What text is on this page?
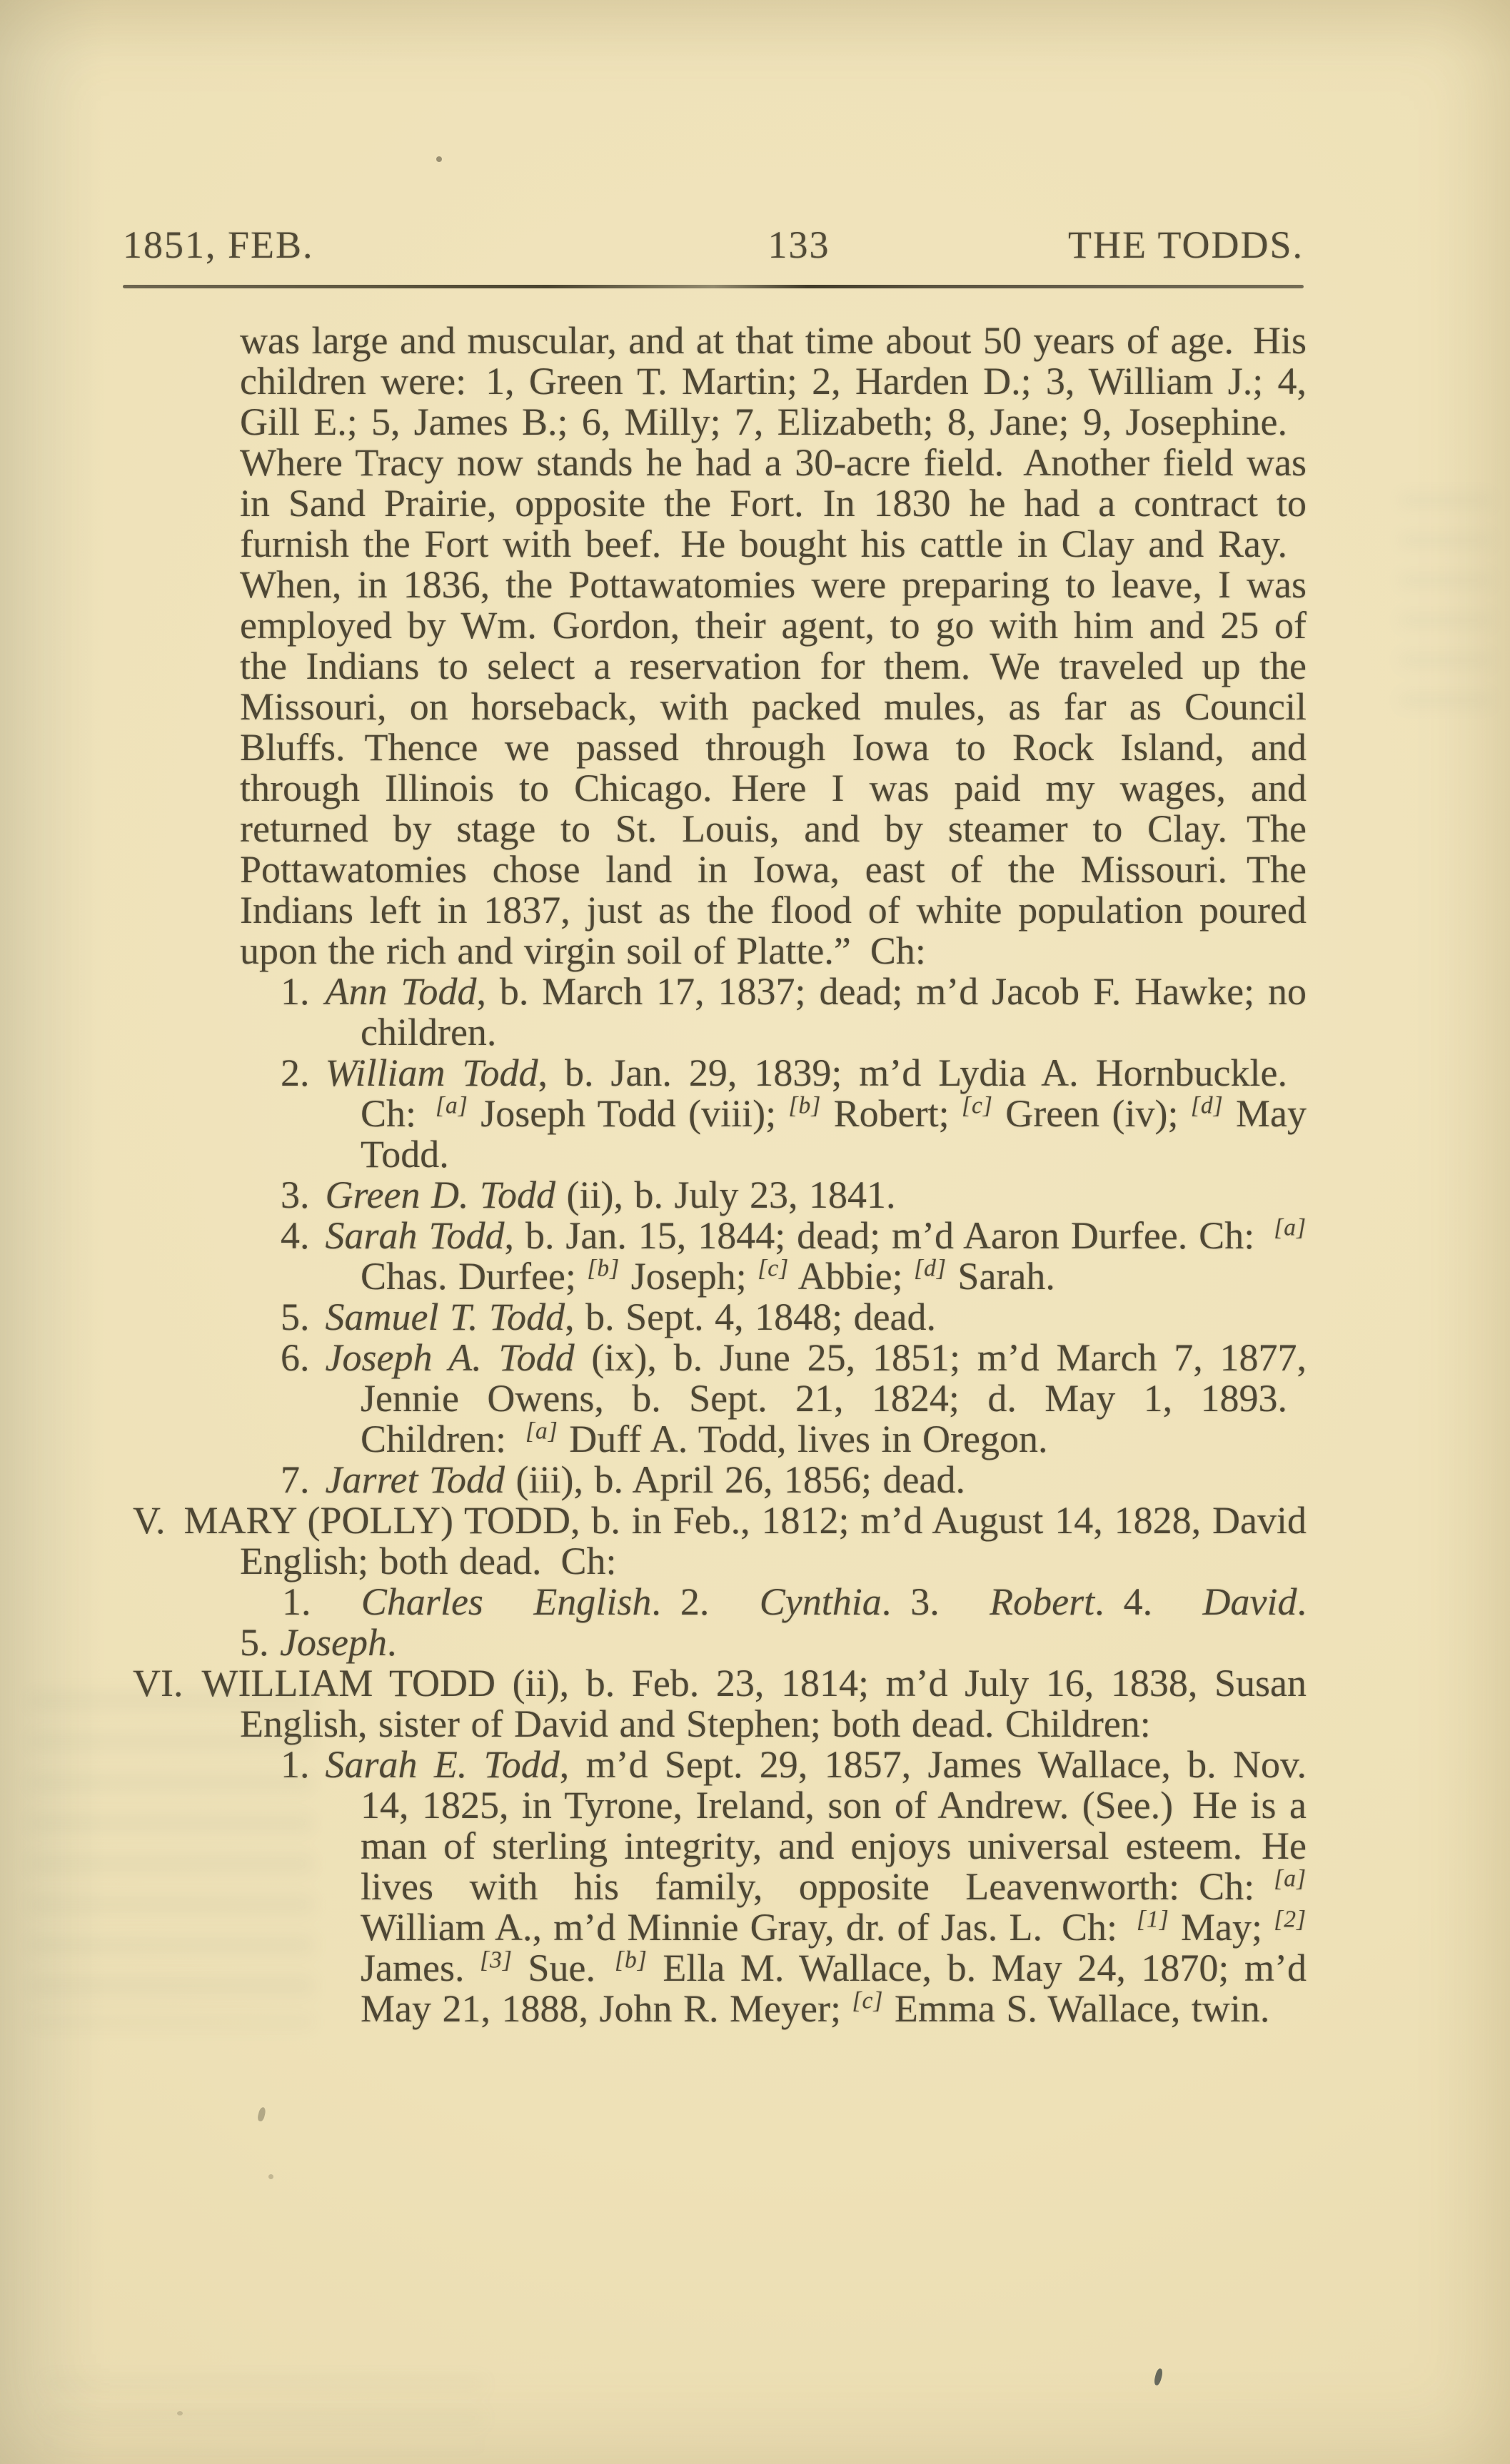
1851, FEB.	133	THE TODDS.

was large and muscular, and at that time about 50 years of age. His children were: 1, Green T. Martin; 2, Harden D.; 3, William J.; 4, Gill E.; 5, James B.; 6, Milly; 7, Elizabeth; 8, Jane; 9, Josephine. Where Tracy now stands he had a 30-acre field. Another field was in Sand Prairie, opposite the Fort. In 1830 he had a contract to furnish the Fort with beef. He bought his cattle in Clay and Ray. When, in 1836, the Pottawatomies were preparing to leave, I was employed by Wm. Gordon, their agent, to go with him and 25 of the Indians to select a reservation for them. We traveled up the Missouri, on horseback, with packed mules, as far as Council Bluffs. Thence we passed through Iowa to Rock Island, and through Illinois to Chicago. Here I was paid my wages, and returned by stage to St. Louis, and by steamer to Clay. The Pottawatomies chose land in Iowa, east of the Missouri. The Indians left in 1837, just as the flood of white population poured upon the rich and virgin soil of Platte.” Ch:

1. Ann Todd, b. March 17, 1837; dead; m’d Jacob F. Hawke; no children.

2. William Todd, b. Jan. 29, 1839; m’d Lydia A. Hornbuckle. Ch: [a] Joseph Todd (viii); [b] Robert; [c] Green (iv); [d] May Todd.

3. Green D. Todd (ii), b. July 23, 1841.

4. Sarah Todd, b. Jan. 15, 1844; dead; m’d Aaron Durfee. Ch: [a] Chas. Durfee; [b] Joseph; [c] Abbie; [d] Sarah.

5. Samuel T. Todd, b. Sept. 4, 1848; dead.

6. Joseph A. Todd (ix), b. June 25, 1851; m’d March 7, 1877, Jennie Owens, b. Sept. 21, 1824; d. May 1, 1893. Children: [a] Duff A. Todd, lives in Oregon.

7. Jarret Todd (iii), b. April 26, 1856; dead.

V. MARY (POLLY) TODD, b. in Feb., 1812; m’d August 14, 1828, David English; both dead. Ch:

1. Charles English. 2. Cynthia. 3. Robert. 4. David.

5. Joseph.

VI. WILLIAM TODD (ii), b. Feb. 23, 1814; m’d July 16, 1838, Susan English, sister of David and Stephen; both dead. Children:

1. Sarah E. Todd, m’d Sept. 29, 1857, James Wallace, b. Nov. 14, 1825, in Tyrone, Ireland, son of Andrew. (See.) He is a man of sterling integrity, and enjoys universal esteem. He lives with his family, opposite Leavenworth: Ch: [a] William A., m’d Minnie Gray, dr. of Jas. L. Ch: [1] May; [2] James. [3] Sue. [b] Ella M. Wallace, b. May 24, 1870; m’d May 21, 1888, John R. Meyer; [c] Emma S. Wallace, twin.
